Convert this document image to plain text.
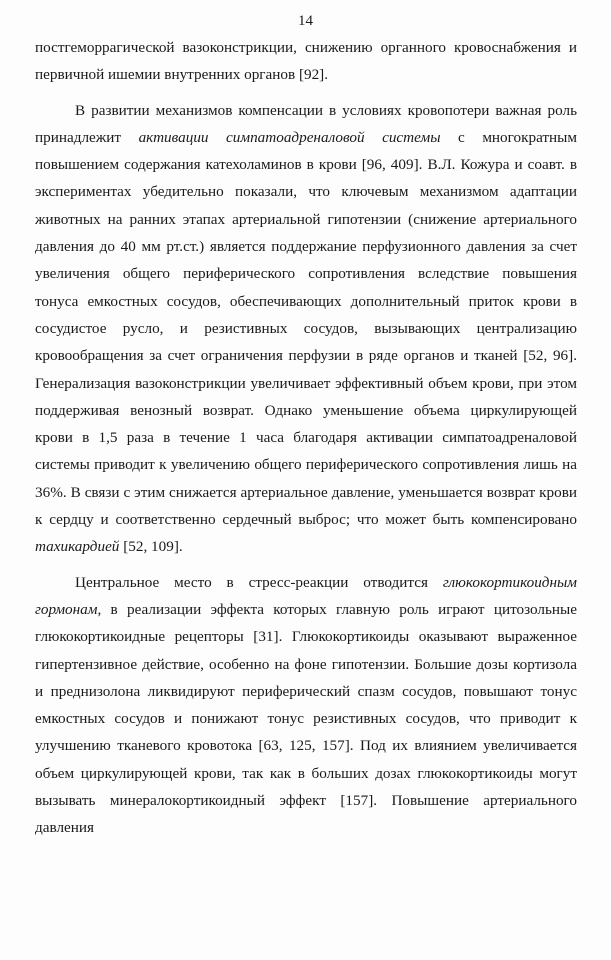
14

постгеморрагической вазоконстрикции, снижению органного кровоснабжения и первичной ишемии внутренних органов [92].

В развитии механизмов компенсации в условиях кровопотери важная роль принадлежит активации симпатоадреналовой системы с многократным повышением содержания катехоламинов в крови [96, 409]. В.Л. Кожура и соавт. в экспериментах убедительно показали, что ключевым механизмом адаптации животных на ранних этапах артериальной гипотензии (снижение артериального давления до 40 мм рт.ст.) является поддержание перфузионного давления за счет увеличения общего периферического сопротивления вследствие повышения тонуса емкостных сосудов, обеспечивающих дополнительный приток крови в сосудистое русло, и резистивных сосудов, вызывающих централизацию кровообращения за счет ограничения перфузии в ряде органов и тканей [52, 96]. Генерализация вазоконстрикции увеличивает эффективный объем крови, при этом поддерживая венозный возврат. Однако уменьшение объема циркулирующей крови в 1,5 раза в течение 1 часа благодаря активации симпатоадреналовой системы приводит к увеличению общего периферического сопротивления лишь на 36%. В связи с этим снижается артериальное давление, уменьшается возврат крови к сердцу и соответственно сердечный выброс; что может быть компенсировано тахикардией [52, 109].

Центральное место в стресс-реакции отводится глюкокортикоидным гормонам, в реализации эффекта которых главную роль играют цитозольные глюкокортикоидные рецепторы [31]. Глюкокортикоиды оказывают выраженное гипертензивное действие, особенно на фоне гипотензии. Большие дозы кортизола и преднизолона ликвидируют периферический спазм сосудов, повышают тонус емкостных сосудов и понижают тонус резистивных сосудов, что приводит к улучшению тканевого кровотока [63, 125, 157]. Под их влиянием увеличивается объем циркулирующей крови, так как в больших дозах глюкокортикоиды могут вызывать минералокортикоидный эффект [157]. Повышение артериального давления
